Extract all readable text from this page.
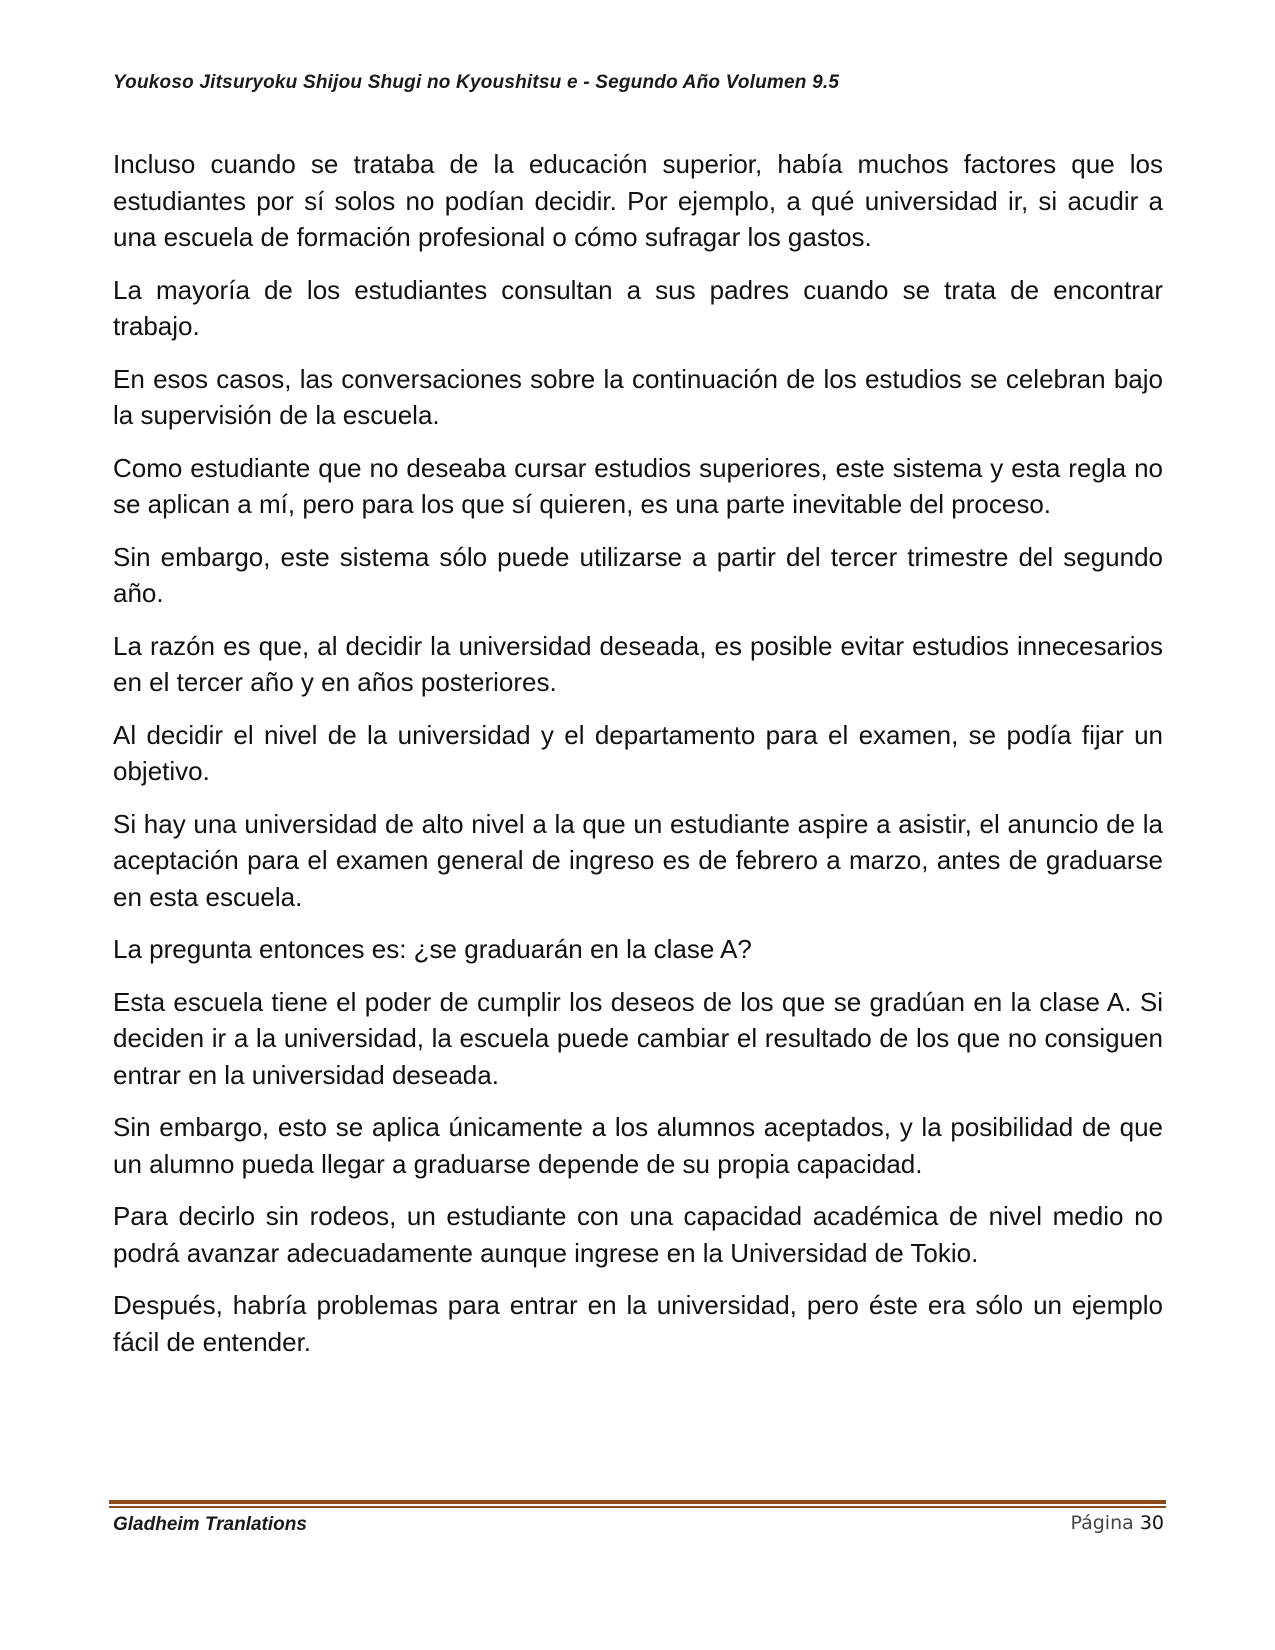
Youkoso Jitsuryoku Shijou Shugi no Kyoushitsu e - Segundo Año Volumen 9.5

Incluso cuando se trataba de la educación superior, había muchos factores que los estudiantes por sí solos no podían decidir. Por ejemplo, a qué universidad ir, si acudir a una escuela de formación profesional o cómo sufragar los gastos.

La mayoría de los estudiantes consultan a sus padres cuando se trata de encontrar trabajo.

En esos casos, las conversaciones sobre la continuación de los estudios se celebran bajo la supervisión de la escuela.

Como estudiante que no deseaba cursar estudios superiores, este sistema y esta regla no se aplican a mí, pero para los que sí quieren, es una parte inevitable del proceso.

Sin embargo, este sistema sólo puede utilizarse a partir del tercer trimestre del segundo año.

La razón es que, al decidir la universidad deseada, es posible evitar estudios innecesarios en el tercer año y en años posteriores.

Al decidir el nivel de la universidad y el departamento para el examen, se podía fijar un objetivo.

Si hay una universidad de alto nivel a la que un estudiante aspire a asistir, el anuncio de la aceptación para el examen general de ingreso es de febrero a marzo, antes de graduarse en esta escuela.

La pregunta entonces es: ¿se graduarán en la clase A?

Esta escuela tiene el poder de cumplir los deseos de los que se gradúan en la clase A. Si deciden ir a la universidad, la escuela puede cambiar el resultado de los que no consiguen entrar en la universidad deseada.

Sin embargo, esto se aplica únicamente a los alumnos aceptados, y la posibilidad de que un alumno pueda llegar a graduarse depende de su propia capacidad.

Para decirlo sin rodeos, un estudiante con una capacidad académica de nivel medio no podrá avanzar adecuadamente aunque ingrese en la Universidad de Tokio.

Después, habría problemas para entrar en la universidad, pero éste era sólo un ejemplo fácil de entender.

Gladheim Tranlations	Página 30
